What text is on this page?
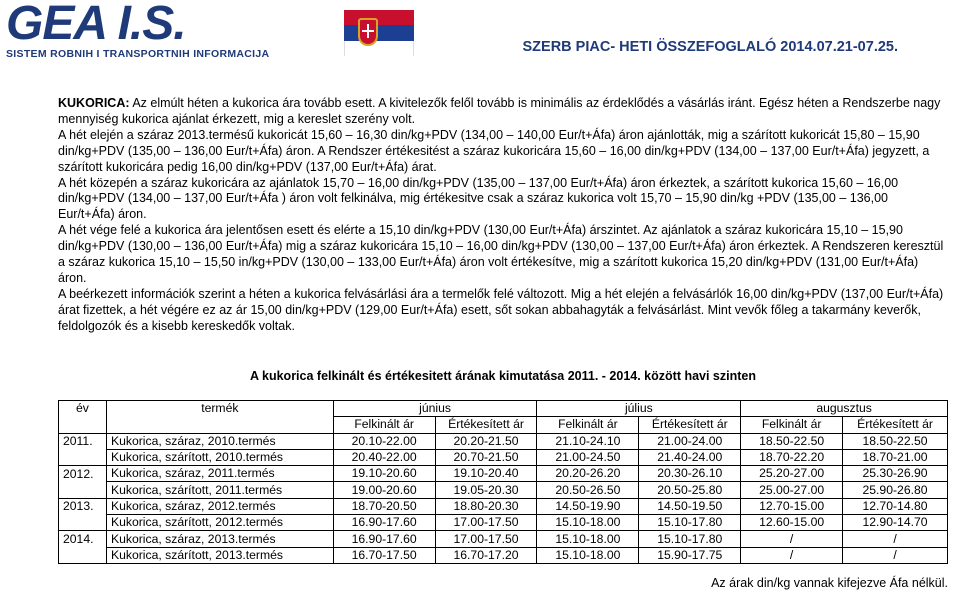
GEA I.S.
SISTEM ROBNIH I TRANSPORTNIH INFORMACIJA	SZERB PIAC- HETI ÖSSZEFOGLALÓ 2014.07.21-07.25.

KUKORICA: Az elmúlt héten a kukorica ára tovább esett. A kivitelezők felől tovább is minimális az érdeklődés a vásárlás iránt. Egész héten a Rendszerbe nagy mennyiség kukorica ajánlat érkezett, mig a kereslet szerény volt.

A hét elején a száraz 2013.termésű kukoricát 15,60 – 16,30 din/kg+PDV (134,00 – 140,00 Eur/t+Áfa) áron ajánlották, mig a szárított kukoricát 15,80 – 15,90 din/kg+PDV (135,00 – 136,00 Eur/t+Áfa) áron. A Rendszer értékesitést a száraz kukoricára 15,60 – 16,00 din/kg+PDV (134,00 – 137,00 Eur/t+Áfa) jegyzett, a szárított kukoricára pedig 16,00 din/kg+PDV (137,00 Eur/t+Áfa) árat.

A hét közepén a száraz kukoricára az ajánlatok 15,70 – 16,00 din/kg+PDV (135,00 – 137,00 Eur/t+Áfa) áron érkeztek, a szárított kukorica 15,60 – 16,00 din/kg+PDV (134,00 – 137,00 Eur/t+Áfa ) áron volt felkinálva, mig értékesitve csak a száraz kukorica volt 15,70 – 15,90 din/kg +PDV (135,00 – 136,00 Eur/t+Áfa) áron.

A hét vége felé a kukorica ára jelentősen esett és elérte a 15,10 din/kg+PDV (130,00 Eur/t+Áfa) árszintet. Az ajánlatok a száraz kukoricára 15,10 – 15,90 din/kg+PDV (130,00 – 136,00 Eur/t+Áfa) mig a száraz kukoricára 15,10 – 16,00 din/kg+PDV (130,00 – 137,00 Eur/t+Áfa) áron érkeztek. A Rendszeren keresztül a száraz kukorica 15,10 – 15,50 in/kg+PDV (130,00 – 133,00 Eur/t+Áfa) áron volt értékesítve, mig a szárított kukorica 15,20 din/kg+PDV (131,00 Eur/t+Áfa) áron.

A beérkezett információk szerint a héten a kukorica felvásárlási ára a termelők felé változott. Mig a hét elején a felvásárlók 16,00 din/kg+PDV (137,00 Eur/t+Áfa) árat fizettek, a hét végére ez az ár 15,00 din/kg+PDV (129,00 Eur/t+Áfa) esett, sőt sokan abbahagyták a felvásárlást. Mint vevők főleg a takarmány keverők, feldolgozók és a kisebb kereskedők voltak.

A kukorica felkinált és értékesitett árának kimutatása 2011. - 2014. között havi szinten
év	termék	június		július		augusztus	
		Felkinált ár	Értékesített ár	Felkinált ár	Értékesített ár	Felkinált ár	Értékesített ár
2011.	Kukorica, száraz, 2010.termés	20.10-22.00	20.20-21.50	21.10-24.10	21.00-24.00	18.50-22.50	18.50-22.50
	Kukorica, szárított, 2010.termés	20.40-22.00	20.70-21.50	21.00-24.50	21.40-24.00	18.70-22.20	18.70-21.00
2012.	Kukorica, száraz, 2011.termés	19.10-20.60	19.10-20.40	20.20-26.20	20.30-26.10	25.20-27.00	25.30-26.90
	Kukorica, szárított, 2011.termés	19.00-20.60	19.05-20.30	20.50-26.50	20.50-25.80	25.00-27.00	25.90-26.80
2013.	Kukorica, száraz, 2012.termés	18.70-20.50	18.80-20.30	14.50-19.90	14.50-19.50	12.70-15.00	12.70-14.80
	Kukorica, szárított, 2012.termés	16.90-17.60	17.00-17.50	15.10-18.00	15.10-17.80	12.60-15.00	12.90-14.70
2014.	Kukorica, száraz, 2013.termés	16.90-17.60	17.00-17.50	15.10-18.00	15.10-17.80	/	/
	Kukorica, szárított, 2013.termés	16.70-17.50	16.70-17.20	15.10-18.00	15.90-17.75	/	/
Az árak din/kg vannak kifejezve Áfa nélkül.
